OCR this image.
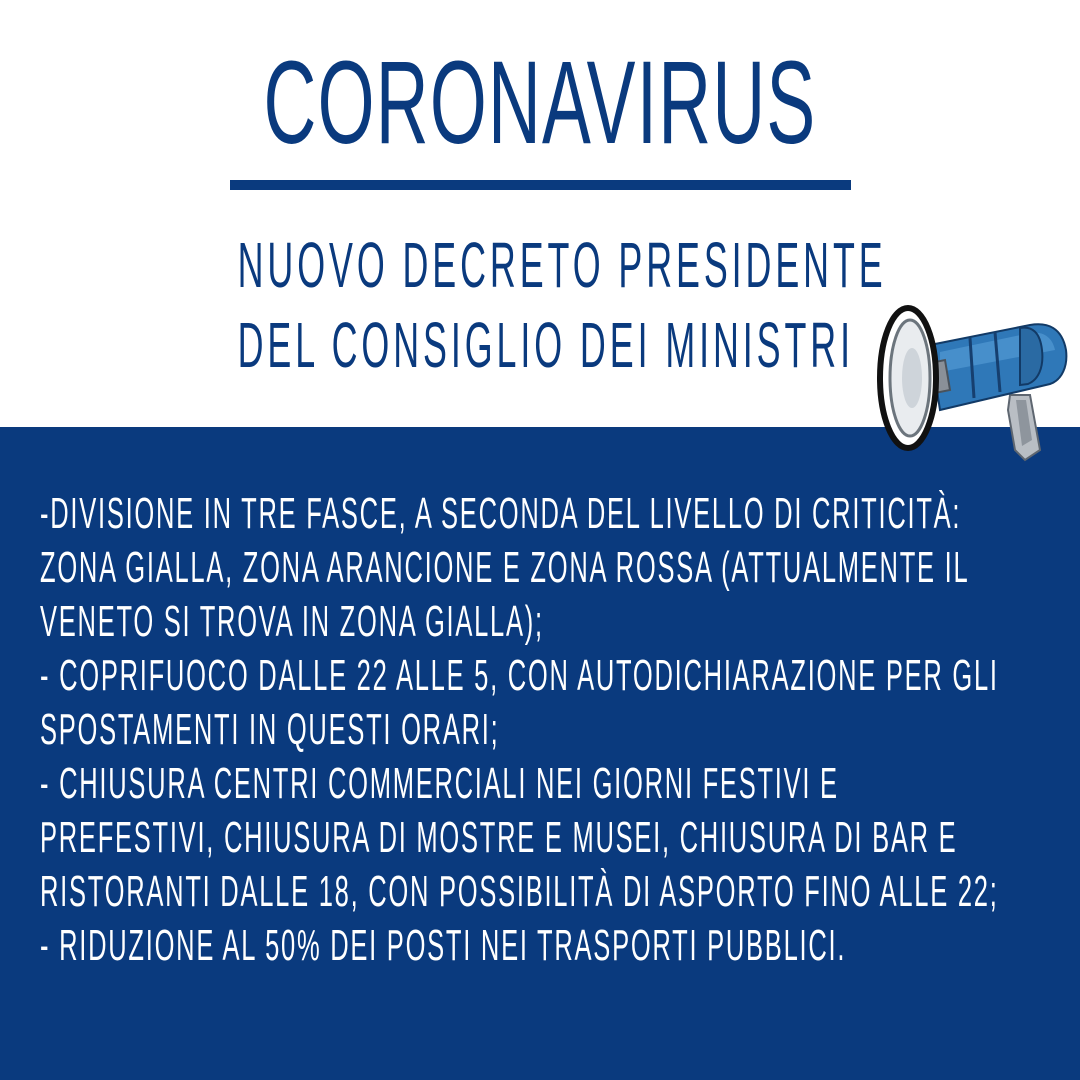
CORONAVIRUS
NUOVO DECRETO PRESIDENTE
DEL CONSIGLIO DEI MINISTRI
-DIVISIONE IN TRE FASCE, A SECONDA DEL LIVELLO DI CRITICITÀ:
ZONA GIALLA, ZONA ARANCIONE E ZONA ROSSA (ATTUALMENTE IL
VENETO SI TROVA IN ZONA GIALLA);
- COPRIFUOCO DALLE 22 ALLE 5, CON AUTODICHIARAZIONE PER GLI
SPOSTAMENTI IN QUESTI ORARI;
- CHIUSURA CENTRI COMMERCIALI NEI GIORNI FESTIVI E
PREFESTIVI, CHIUSURA DI MOSTRE E MUSEI, CHIUSURA DI BAR E
RISTORANTI DALLE 18, CON POSSIBILITÀ DI ASPORTO FINO ALLE 22;
- RIDUZIONE AL 50% DEI POSTI NEI TRASPORTI PUBBLICI.
